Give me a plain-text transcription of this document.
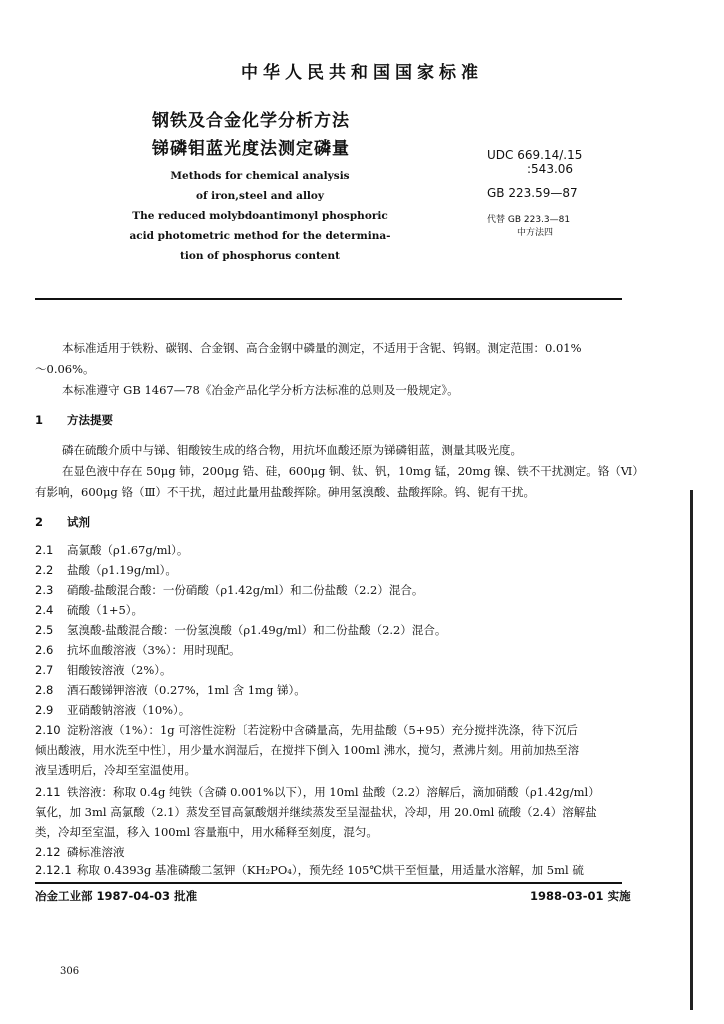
中华人民共和国国家标准
钢铁及合金化学分析方法
锑磷钼蓝光度法测定磷量
Methods for chemical analysis
of iron,steel and alloy
The reduced molybdoantimonyl phosphoric
acid photometric method for the determina-
tion of phosphorus content
UDC 669.14/.15
:543.06
GB 223.59—87
代替 GB 223.3—81
中方法四
本标准适用于铁粉、碳钢、合金钢、高合金钢中磷量的测定，不适用于含铌、钨钢。测定范围：0.01%
～0.06%。
本标准遵守 GB 1467—78《冶金产品化学分析方法标准的总则及一般规定》。
1 方法提要
磷在硫酸介质中与锑、钼酸铵生成的络合物，用抗坏血酸还原为锑磷钼蓝，测量其吸光度。
在显色液中存在 50μg 铈，200μg 锆、硅，600μg 铜、钛、钒，10mg 锰，20mg 镍、铁不干扰测定。铬（Ⅵ）
有影响，600μg 铬（Ⅲ）不干扰，超过此量用盐酸挥除。砷用氢溴酸、盐酸挥除。钨、铌有干扰。
2 试剂
2.1 高氯酸（ρ1.67g/ml）。
2.2 盐酸（ρ1.19g/ml）。
2.3 硝酸-盐酸混合酸：一份硝酸（ρ1.42g/ml）和二份盐酸（2.2）混合。
2.4 硫酸（1+5）。
2.5 氢溴酸-盐酸混合酸：一份氢溴酸（ρ1.49g/ml）和二份盐酸（2.2）混合。
2.6 抗坏血酸溶液（3%）：用时现配。
2.7 钼酸铵溶液（2%）。
2.8 酒石酸锑钾溶液（0.27%，1ml 含 1mg 锑）。
2.9 亚硝酸钠溶液（10%）。
2.10 淀粉溶液（1%）：1g 可溶性淀粉〔若淀粉中含磷量高，先用盐酸（5+95）充分搅拌洗涤，待下沉后
倾出酸液，用水洗至中性〕，用少量水润湿后，在搅拌下倒入 100ml 沸水，搅匀，煮沸片刻。用前加热至溶
液呈透明后，冷却至室温使用。
2.11 铁溶液：称取 0.4g 纯铁（含磷 0.001%以下），用 10ml 盐酸（2.2）溶解后，滴加硝酸（ρ1.42g/ml）
氧化，加 3ml 高氯酸（2.1）蒸发至冒高氯酸烟并继续蒸发至呈湿盐状，冷却，用 20.0ml 硫酸（2.4）溶解盐
类，冷却至室温，移入 100ml 容量瓶中，用水稀释至刻度，混匀。
2.12 磷标准溶液
2.12.1 称取 0.4393g 基准磷酸二氢钾（KH₂PO₄），预先经 105℃烘干至恒量，用适量水溶解，加 5ml 硫
冶金工业部 1987-04-03 批准	1988-03-01 实施
306
